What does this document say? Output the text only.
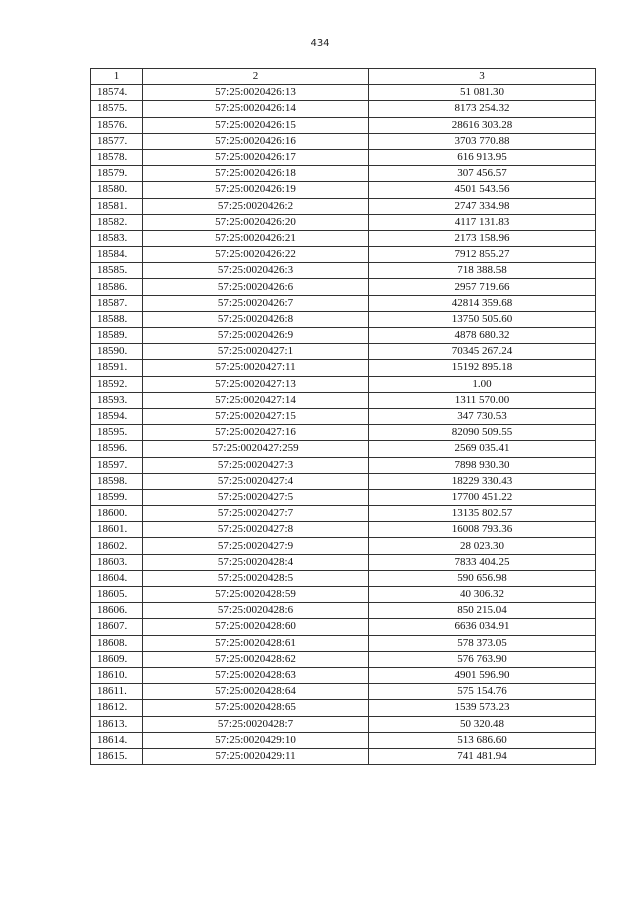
434
1	2	3
18574.	57:25:0020426:13	51 081.30
18575.	57:25:0020426:14	8173 254.32
18576.	57:25:0020426:15	28616 303.28
18577.	57:25:0020426:16	3703 770.88
18578.	57:25:0020426:17	616 913.95
18579.	57:25:0020426:18	307 456.57
18580.	57:25:0020426:19	4501 543.56
18581.	57:25:0020426:2	2747 334.98
18582.	57:25:0020426:20	4117 131.83
18583.	57:25:0020426:21	2173 158.96
18584.	57:25:0020426:22	7912 855.27
18585.	57:25:0020426:3	718 388.58
18586.	57:25:0020426:6	2957 719.66
18587.	57:25:0020426:7	42814 359.68
18588.	57:25:0020426:8	13750 505.60
18589.	57:25:0020426:9	4878 680.32
18590.	57:25:0020427:1	70345 267.24
18591.	57:25:0020427:11	15192 895.18
18592.	57:25:0020427:13	1.00
18593.	57:25:0020427:14	1311 570.00
18594.	57:25:0020427:15	347 730.53
18595.	57:25:0020427:16	82090 509.55
18596.	57:25:0020427:259	2569 035.41
18597.	57:25:0020427:3	7898 930.30
18598.	57:25:0020427:4	18229 330.43
18599.	57:25:0020427:5	17700 451.22
18600.	57:25:0020427:7	13135 802.57
18601.	57:25:0020427:8	16008 793.36
18602.	57:25:0020427:9	28 023.30
18603.	57:25:0020428:4	7833 404.25
18604.	57:25:0020428:5	590 656.98
18605.	57:25:0020428:59	40 306.32
18606.	57:25:0020428:6	850 215.04
18607.	57:25:0020428:60	6636 034.91
18608.	57:25:0020428:61	578 373.05
18609.	57:25:0020428:62	576 763.90
18610.	57:25:0020428:63	4901 596.90
18611.	57:25:0020428:64	575 154.76
18612.	57:25:0020428:65	1539 573.23
18613.	57:25:0020428:7	50 320.48
18614.	57:25:0020429:10	513 686.60
18615.	57:25:0020429:11	741 481.94
